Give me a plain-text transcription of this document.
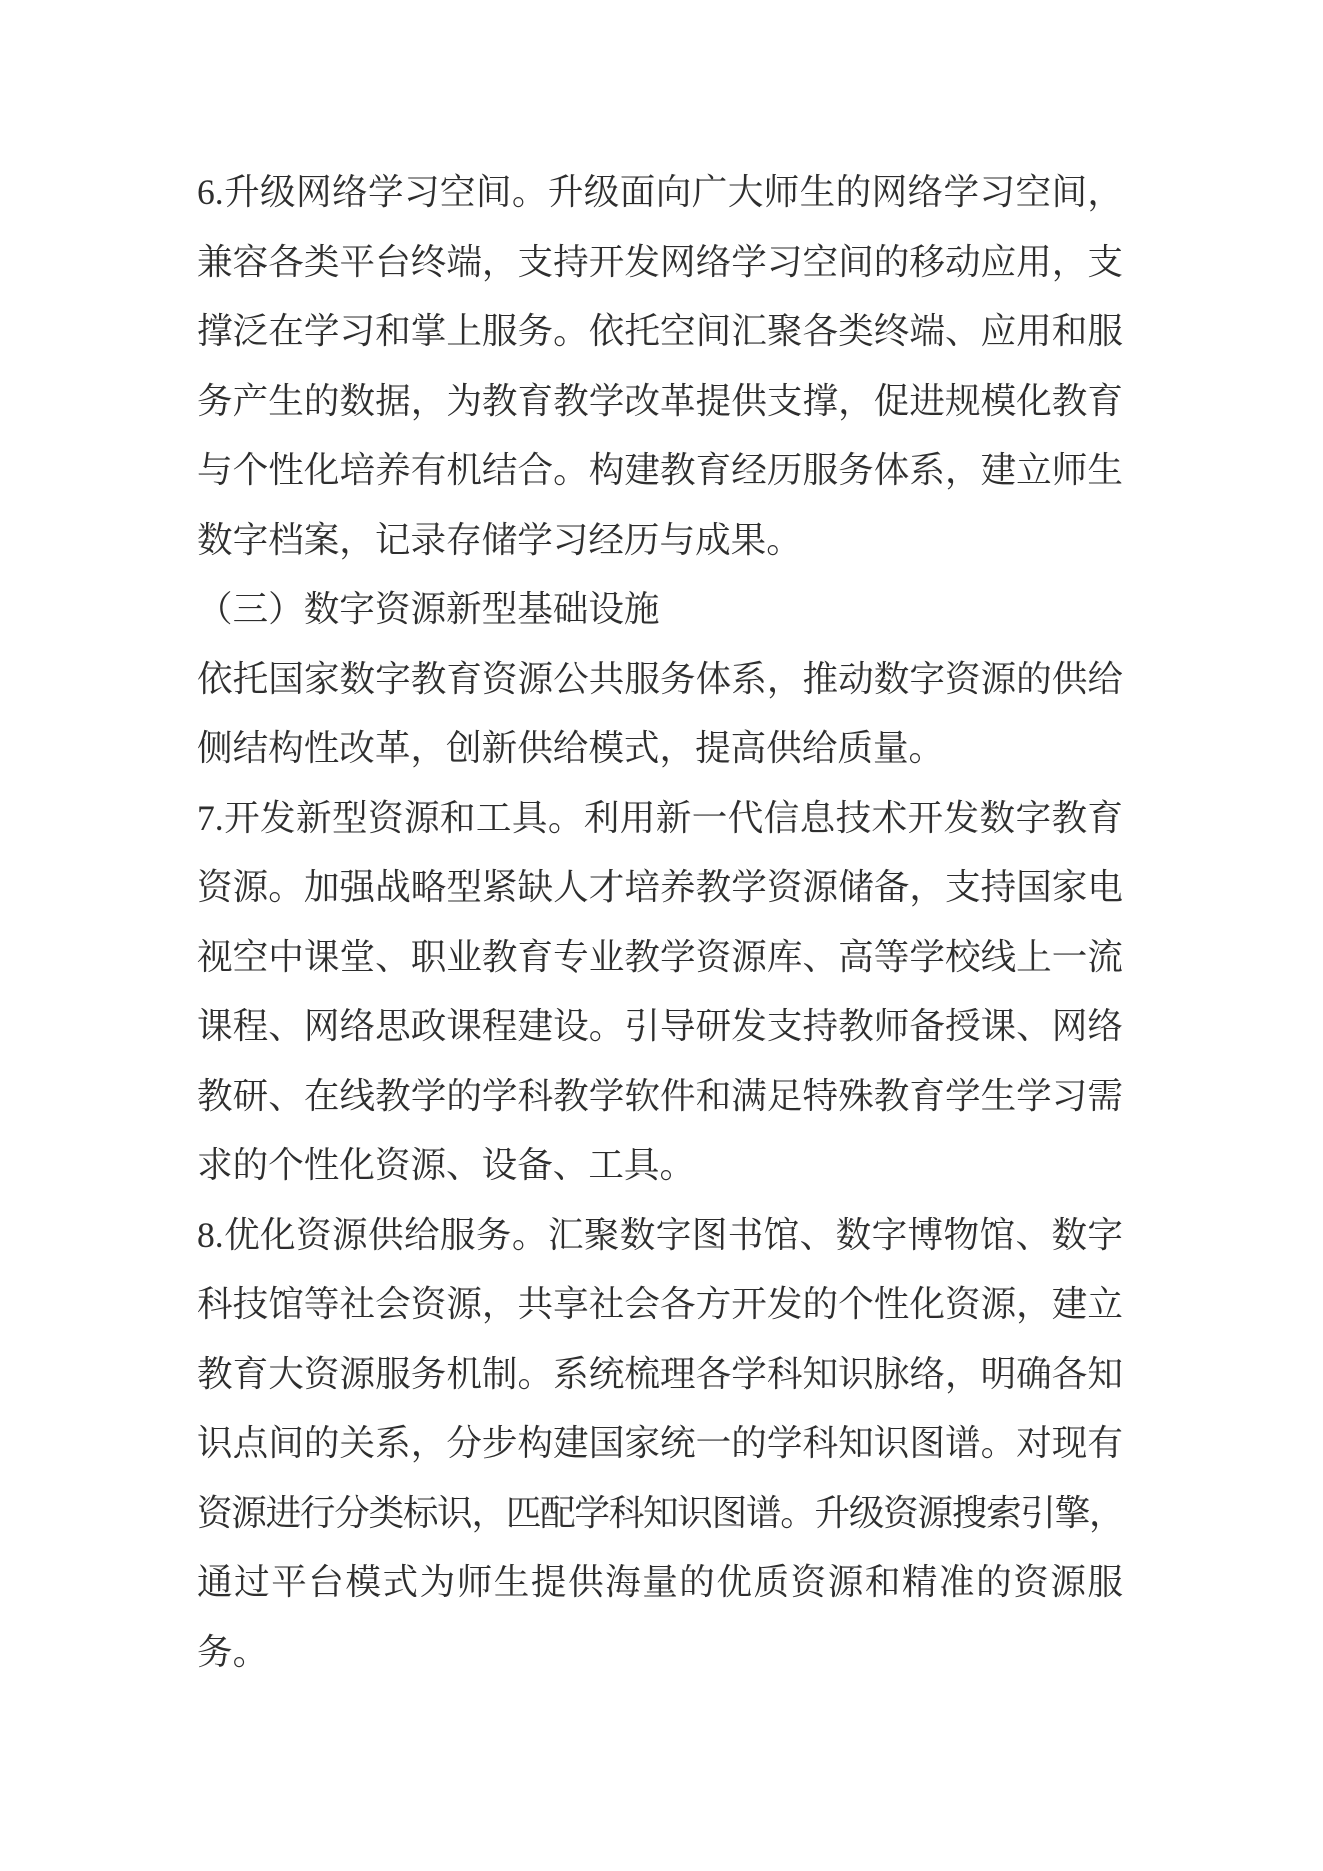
6.升级网络学习空间。升级面向广大师生的网络学习空间，
兼容各类平台终端，支持开发网络学习空间的移动应用，支
撑泛在学习和掌上服务。依托空间汇聚各类终端、应用和服
务产生的数据，为教育教学改革提供支撑，促进规模化教育
与个性化培养有机结合。构建教育经历服务体系，建立师生
数字档案，记录存储学习经历与成果。
（三）数字资源新型基础设施
依托国家数字教育资源公共服务体系，推动数字资源的供给
侧结构性改革，创新供给模式，提高供给质量。
7.开发新型资源和工具。利用新一代信息技术开发数字教育
资源。加强战略型紧缺人才培养教学资源储备，支持国家电
视空中课堂、职业教育专业教学资源库、高等学校线上一流
课程、网络思政课程建设。引导研发支持教师备授课、网络
教研、在线教学的学科教学软件和满足特殊教育学生学习需
求的个性化资源、设备、工具。
8.优化资源供给服务。汇聚数字图书馆、数字博物馆、数字
科技馆等社会资源，共享社会各方开发的个性化资源，建立
教育大资源服务机制。系统梳理各学科知识脉络，明确各知
识点间的关系，分步构建国家统一的学科知识图谱。对现有
资源进行分类标识，匹配学科知识图谱。升级资源搜索引擎，
通过平台模式为师生提供海量的优质资源和精准的资源服
务。
